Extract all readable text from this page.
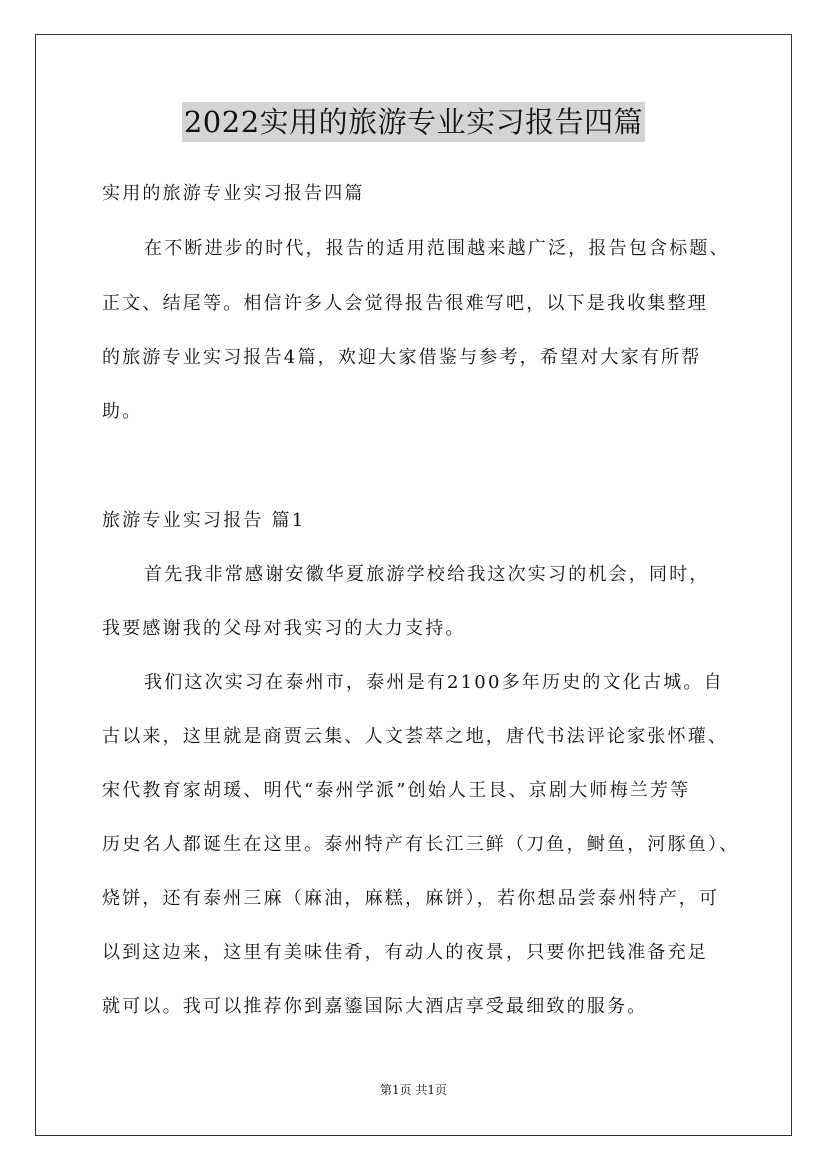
2022实用的旅游专业实习报告四篇
实用的旅游专业实习报告四篇
在不断进步的时代，报告的适用范围越来越广泛，报告包含标题、
正文、结尾等。相信许多人会觉得报告很难写吧，以下是我收集整理
的旅游专业实习报告4篇，欢迎大家借鉴与参考，希望对大家有所帮
助。
旅游专业实习报告 篇1
首先我非常感谢安徽华夏旅游学校给我这次实习的机会，同时，
我要感谢我的父母对我实习的大力支持。
我们这次实习在泰州市，泰州是有2100多年历史的文化古城。自
古以来，这里就是商贾云集、人文荟萃之地，唐代书法评论家张怀瓘、
宋代教育家胡瑗、明代“泰州学派”创始人王艮、京剧大师梅兰芳等
历史名人都诞生在这里。泰州特产有长江三鲜（刀鱼，鲥鱼，河豚鱼）、
烧饼，还有泰州三麻（麻油，麻糕，麻饼），若你想品尝泰州特产，可
以到这边来，这里有美味佳肴，有动人的夜景，只要你把钱准备充足
就可以。我可以推荐你到嘉鎏国际大酒店享受最细致的服务。
第1页 共1页
